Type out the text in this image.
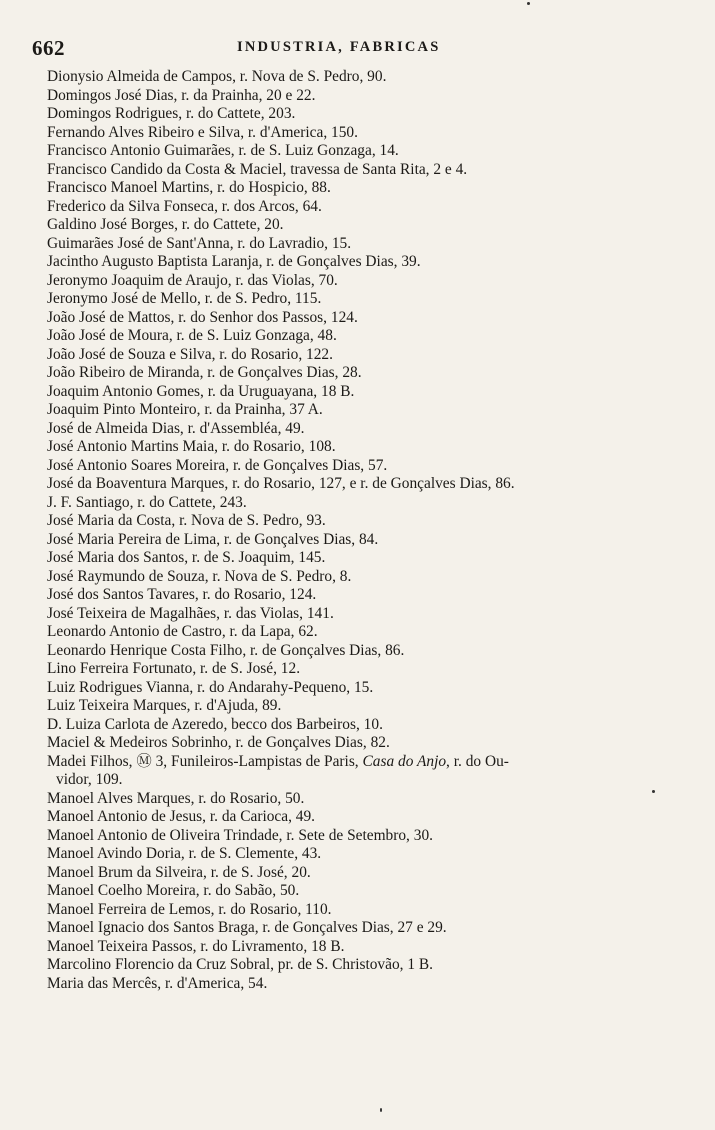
662	INDUSTRIA, FABRICAS
Dionysio Almeida de Campos, r. Nova de S. Pedro, 90.
Domingos José Dias, r. da Prainha, 20 e 22.
Domingos Rodrigues, r. do Cattete, 203.
Fernando Alves Ribeiro e Silva, r. d'America, 150.
Francisco Antonio Guimarães, r. de S. Luiz Gonzaga, 14.
Francisco Candido da Costa & Maciel, travessa de Santa Rita, 2 e 4.
Francisco Manoel Martins, r. do Hospicio, 88.
Frederico da Silva Fonseca, r. dos Arcos, 64.
Galdino José Borges, r. do Cattete, 20.
Guimarães José de Sant'Anna, r. do Lavradio, 15.
Jacintho Augusto Baptista Laranja, r. de Gonçalves Dias, 39.
Jeronymo Joaquim de Araujo, r. das Violas, 70.
Jeronymo José de Mello, r. de S. Pedro, 115.
João José de Mattos, r. do Senhor dos Passos, 124.
João José de Moura, r. de S. Luiz Gonzaga, 48.
João José de Souza e Silva, r. do Rosario, 122.
João Ribeiro de Miranda, r. de Gonçalves Dias, 28.
Joaquim Antonio Gomes, r. da Uruguayana, 18 B.
Joaquim Pinto Monteiro, r. da Prainha, 37 A.
José de Almeida Dias, r. d'Assembléa, 49.
José Antonio Martins Maia, r. do Rosario, 108.
José Antonio Soares Moreira, r. de Gonçalves Dias, 57.
José da Boaventura Marques, r. do Rosario, 127, e r. de Gonçalves Dias, 86.
J. F. Santiago, r. do Cattete, 243.
José Maria da Costa, r. Nova de S. Pedro, 93.
José Maria Pereira de Lima, r. de Gonçalves Dias, 84.
José Maria dos Santos, r. de S. Joaquim, 145.
José Raymundo de Souza, r. Nova de S. Pedro, 8.
José dos Santos Tavares, r. do Rosario, 124.
José Teixeira de Magalhães, r. das Violas, 141.
Leonardo Antonio de Castro, r. da Lapa, 62.
Leonardo Henrique Costa Filho, r. de Gonçalves Dias, 86.
Lino Ferreira Fortunato, r. de S. José, 12.
Luiz Rodrigues Vianna, r. do Andarahy-Pequeno, 15.
Luiz Teixeira Marques, r. d'Ajuda, 89.
D. Luiza Carlota de Azeredo, becco dos Barbeiros, 10.
Maciel & Medeiros Sobrinho, r. de Gonçalves Dias, 82.
Madei Filhos, Ⓜ 3, Funileiros-Lampistas de Paris, Casa do Anjo, r. do Ou-
vidor, 109.
Manoel Alves Marques, r. do Rosario, 50.
Manoel Antonio de Jesus, r. da Carioca, 49.
Manoel Antonio de Oliveira Trindade, r. Sete de Setembro, 30.
Manoel Avindo Doria, r. de S. Clemente, 43.
Manoel Brum da Silveira, r. de S. José, 20.
Manoel Coelho Moreira, r. do Sabão, 50.
Manoel Ferreira de Lemos, r. do Rosario, 110.
Manoel Ignacio dos Santos Braga, r. de Gonçalves Dias, 27 e 29.
Manoel Teixeira Passos, r. do Livramento, 18 B.
Marcolino Florencio da Cruz Sobral, pr. de S. Christovão, 1 B.
Maria das Mercês, r. d'America, 54.
